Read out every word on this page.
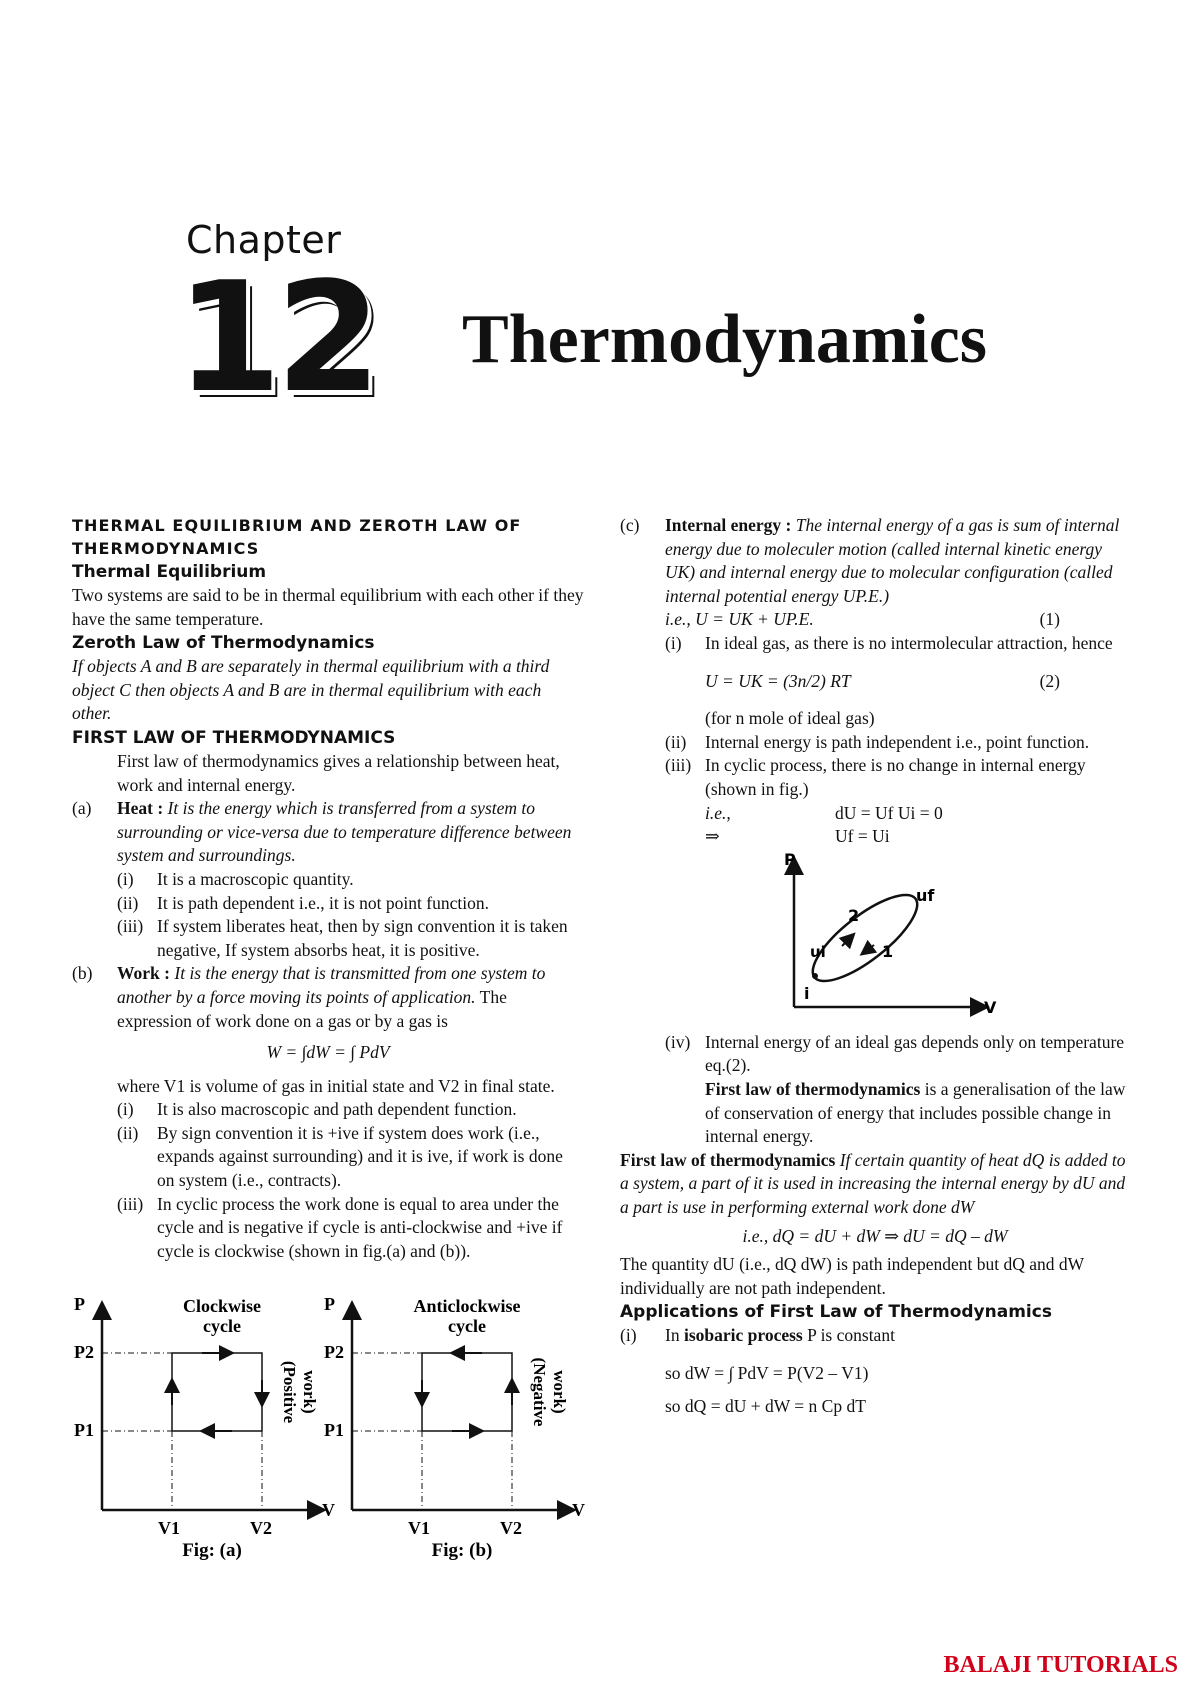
Chapter
12 Thermodynamics
THERMAL EQUILIBRIUM AND ZEROTH LAW OF THERMODYNAMICS
Thermal Equilibrium

Two systems are said to be in thermal equilibrium with each other if they have the same temperature.

Zeroth Law of Thermodynamics

If objects A and B are separately in thermal equilibrium with a third object C then objects A and B are in thermal equilibrium with each other.

FIRST LAW OF THERMODYNAMICS

First law of thermodynamics gives a relationship between heat, work and internal energy.

(a)	Heat : It is the energy which is transferred from a system to surrounding or vice-versa due to temperature difference between system and surroundings.
(i)	It is a macroscopic quantity.
(ii)	It is path dependent i.e., it is not point function.
(iii) If system liberates heat, then by sign convention it is taken negative, If system absorbs heat, it is positive.
(b)	Work : It is the energy that is transmitted from one system to another by a force moving its points of application. The expression of work done on a gas or by a gas is
W = ∫dW = ∫ PdV

where V1 is volume of gas in initial state and V2 in final state.

(i)	It is also macroscopic and path dependent function.
(ii)	By sign convention it is +ive if system does work (i.e., expands against surrounding) and it is ive, if work is done on system (i.e., contracts).
(iii) In cyclic process the work done is equal to area under the cycle and is negative if cycle is anti-clockwise and +ive if cycle is clockwise (shown in fig.(a) and (b)).
P
V
P2
P1
V1	V2
Clockwise
cycle
(Positive work)
Fig: (a)
P
V
P2
P1
V1	V2
Anticlockwise
cycle
(Negative work)
Fig: (b)
(c)	Internal energy : The internal energy of a gas is sum of internal energy due to moleculer motion (called internal kinetic energy UK) and internal energy due to molecular configuration (called internal potential energy UP.E.)
i.e., U = UK + UP.E.	(1)
(i)	In ideal gas, as there is no intermolecular attraction, hence
U = UK = (3n/2) RT	(2)
(for n mole of ideal gas)
(ii)	Internal energy is path independent i.e., point function.
(iii) In cyclic process, there is no change in internal energy (shown in fig.)
i.e.,	dU = Uf Ui = 0
⇒	Uf = Ui
P
V
uf
ui
2
1
i
(iv) Internal energy of an ideal gas depends only on temperature eq.(2).

First law of thermodynamics is a generalisation of the law of conservation of energy that includes possible change in internal energy.

First law of thermodynamics If certain quantity of heat dQ is added to a system, a part of it is used in increasing the internal energy by dU and a part is use in performing external work done dW

i.e., dQ = dU + dW ⇒ dU = dQ – dW

The quantity dU (i.e., dQ dW) is path independent but dQ and dW individually are not path independent.

Applications of First Law of Thermodynamics
(i)	In isobaric process P is constant
so dW = ∫ PdV = P(V2 – V1)
so dQ = dU + dW = n Cp dT
BALAJI TUTORIALS
